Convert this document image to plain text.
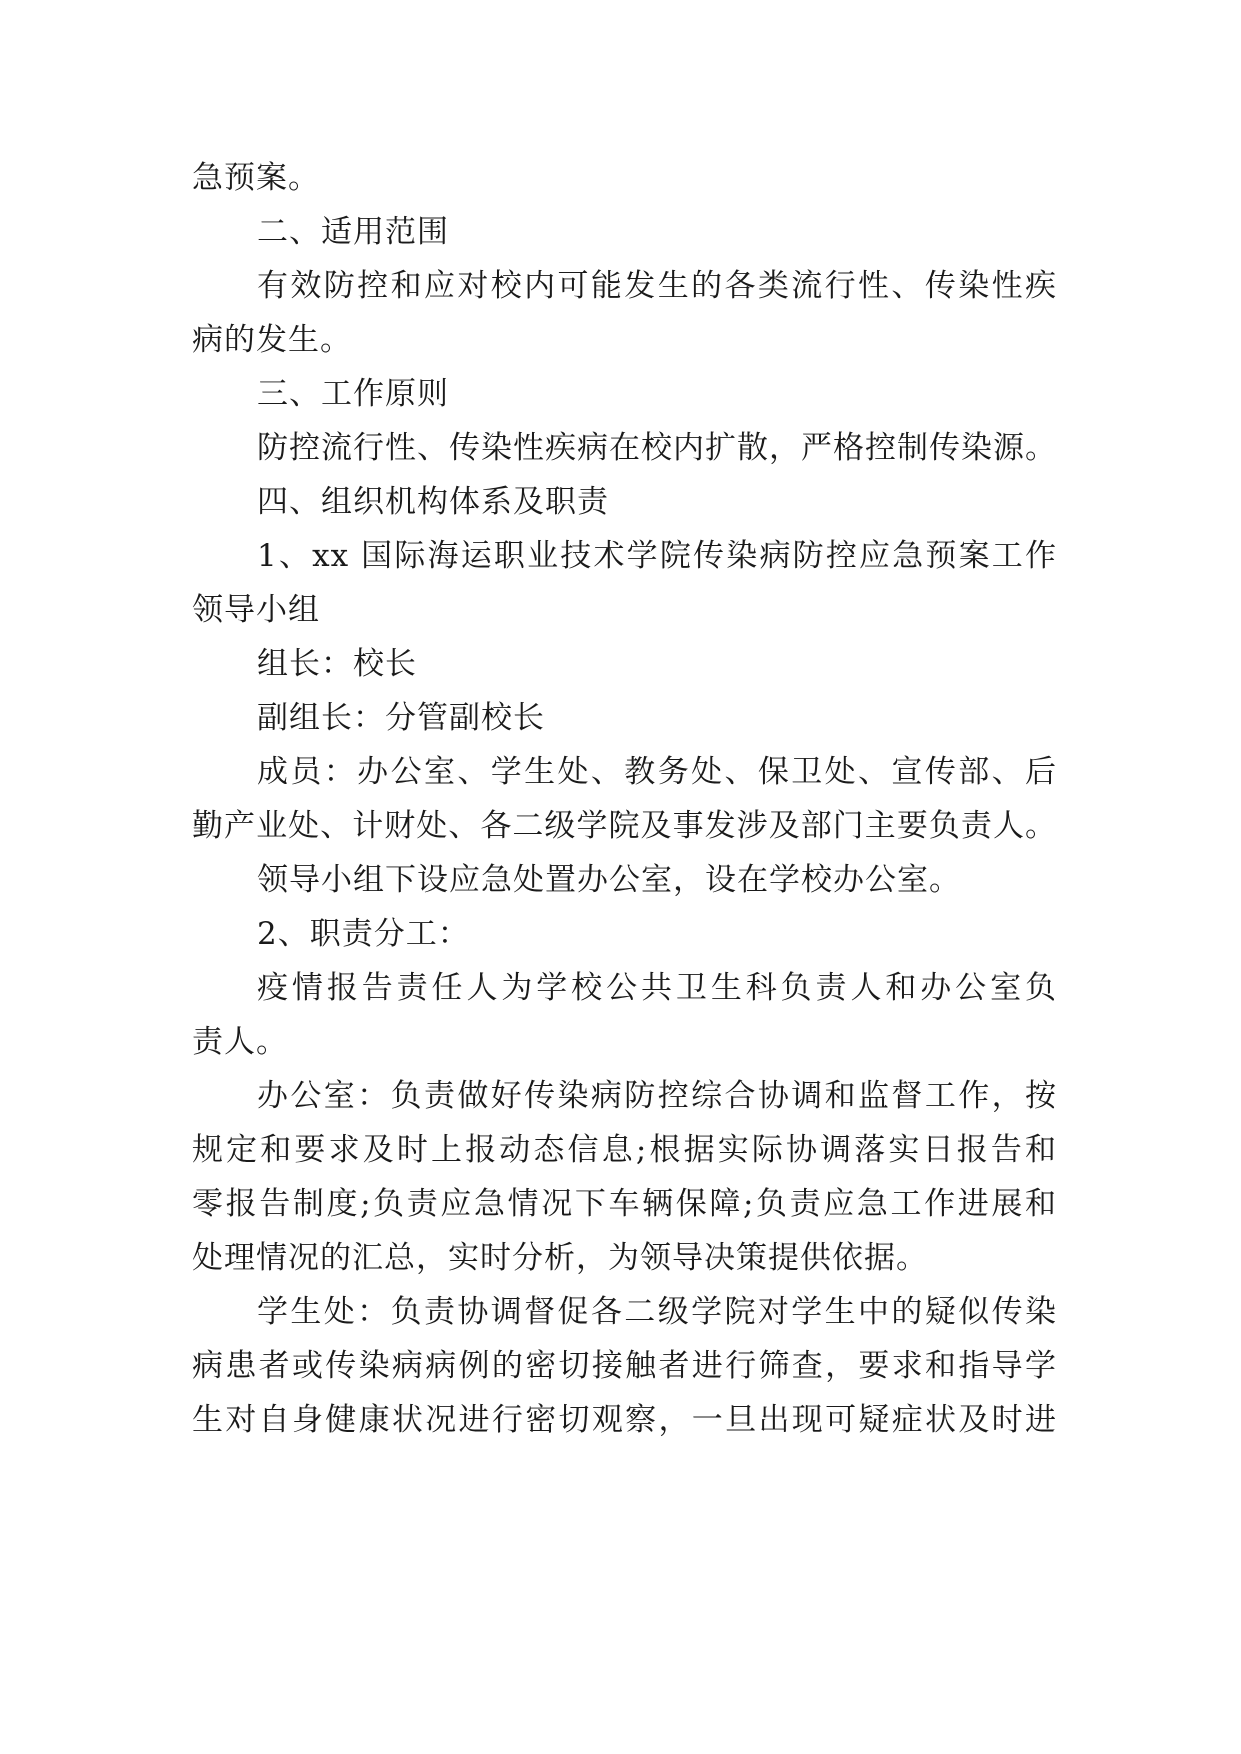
急预案。

二、适用范围

有效防控和应对校内可能发生的各类流行性、传染性疾

病的发生。

三、工作原则

防控流行性、传染性疾病在校内扩散，严格控制传染源。

四、组织机构体系及职责

1、xx 国际海运职业技术学院传染病防控应急预案工作

领导小组

组长：校长

副组长：分管副校长

成员：办公室、学生处、教务处、保卫处、宣传部、后

勤产业处、计财处、各二级学院及事发涉及部门主要负责人。

领导小组下设应急处置办公室，设在学校办公室。

2、职责分工：

疫情报告责任人为学校公共卫生科负责人和办公室负

责人。

办公室：负责做好传染病防控综合协调和监督工作，按

规定和要求及时上报动态信息;根据实际协调落实日报告和

零报告制度;负责应急情况下车辆保障;负责应急工作进展和

处理情况的汇总，实时分析，为领导决策提供依据。

学生处：负责协调督促各二级学院对学生中的疑似传染

病患者或传染病病例的密切接触者进行筛查，要求和指导学

生对自身健康状况进行密切观察，一旦出现可疑症状及时进
